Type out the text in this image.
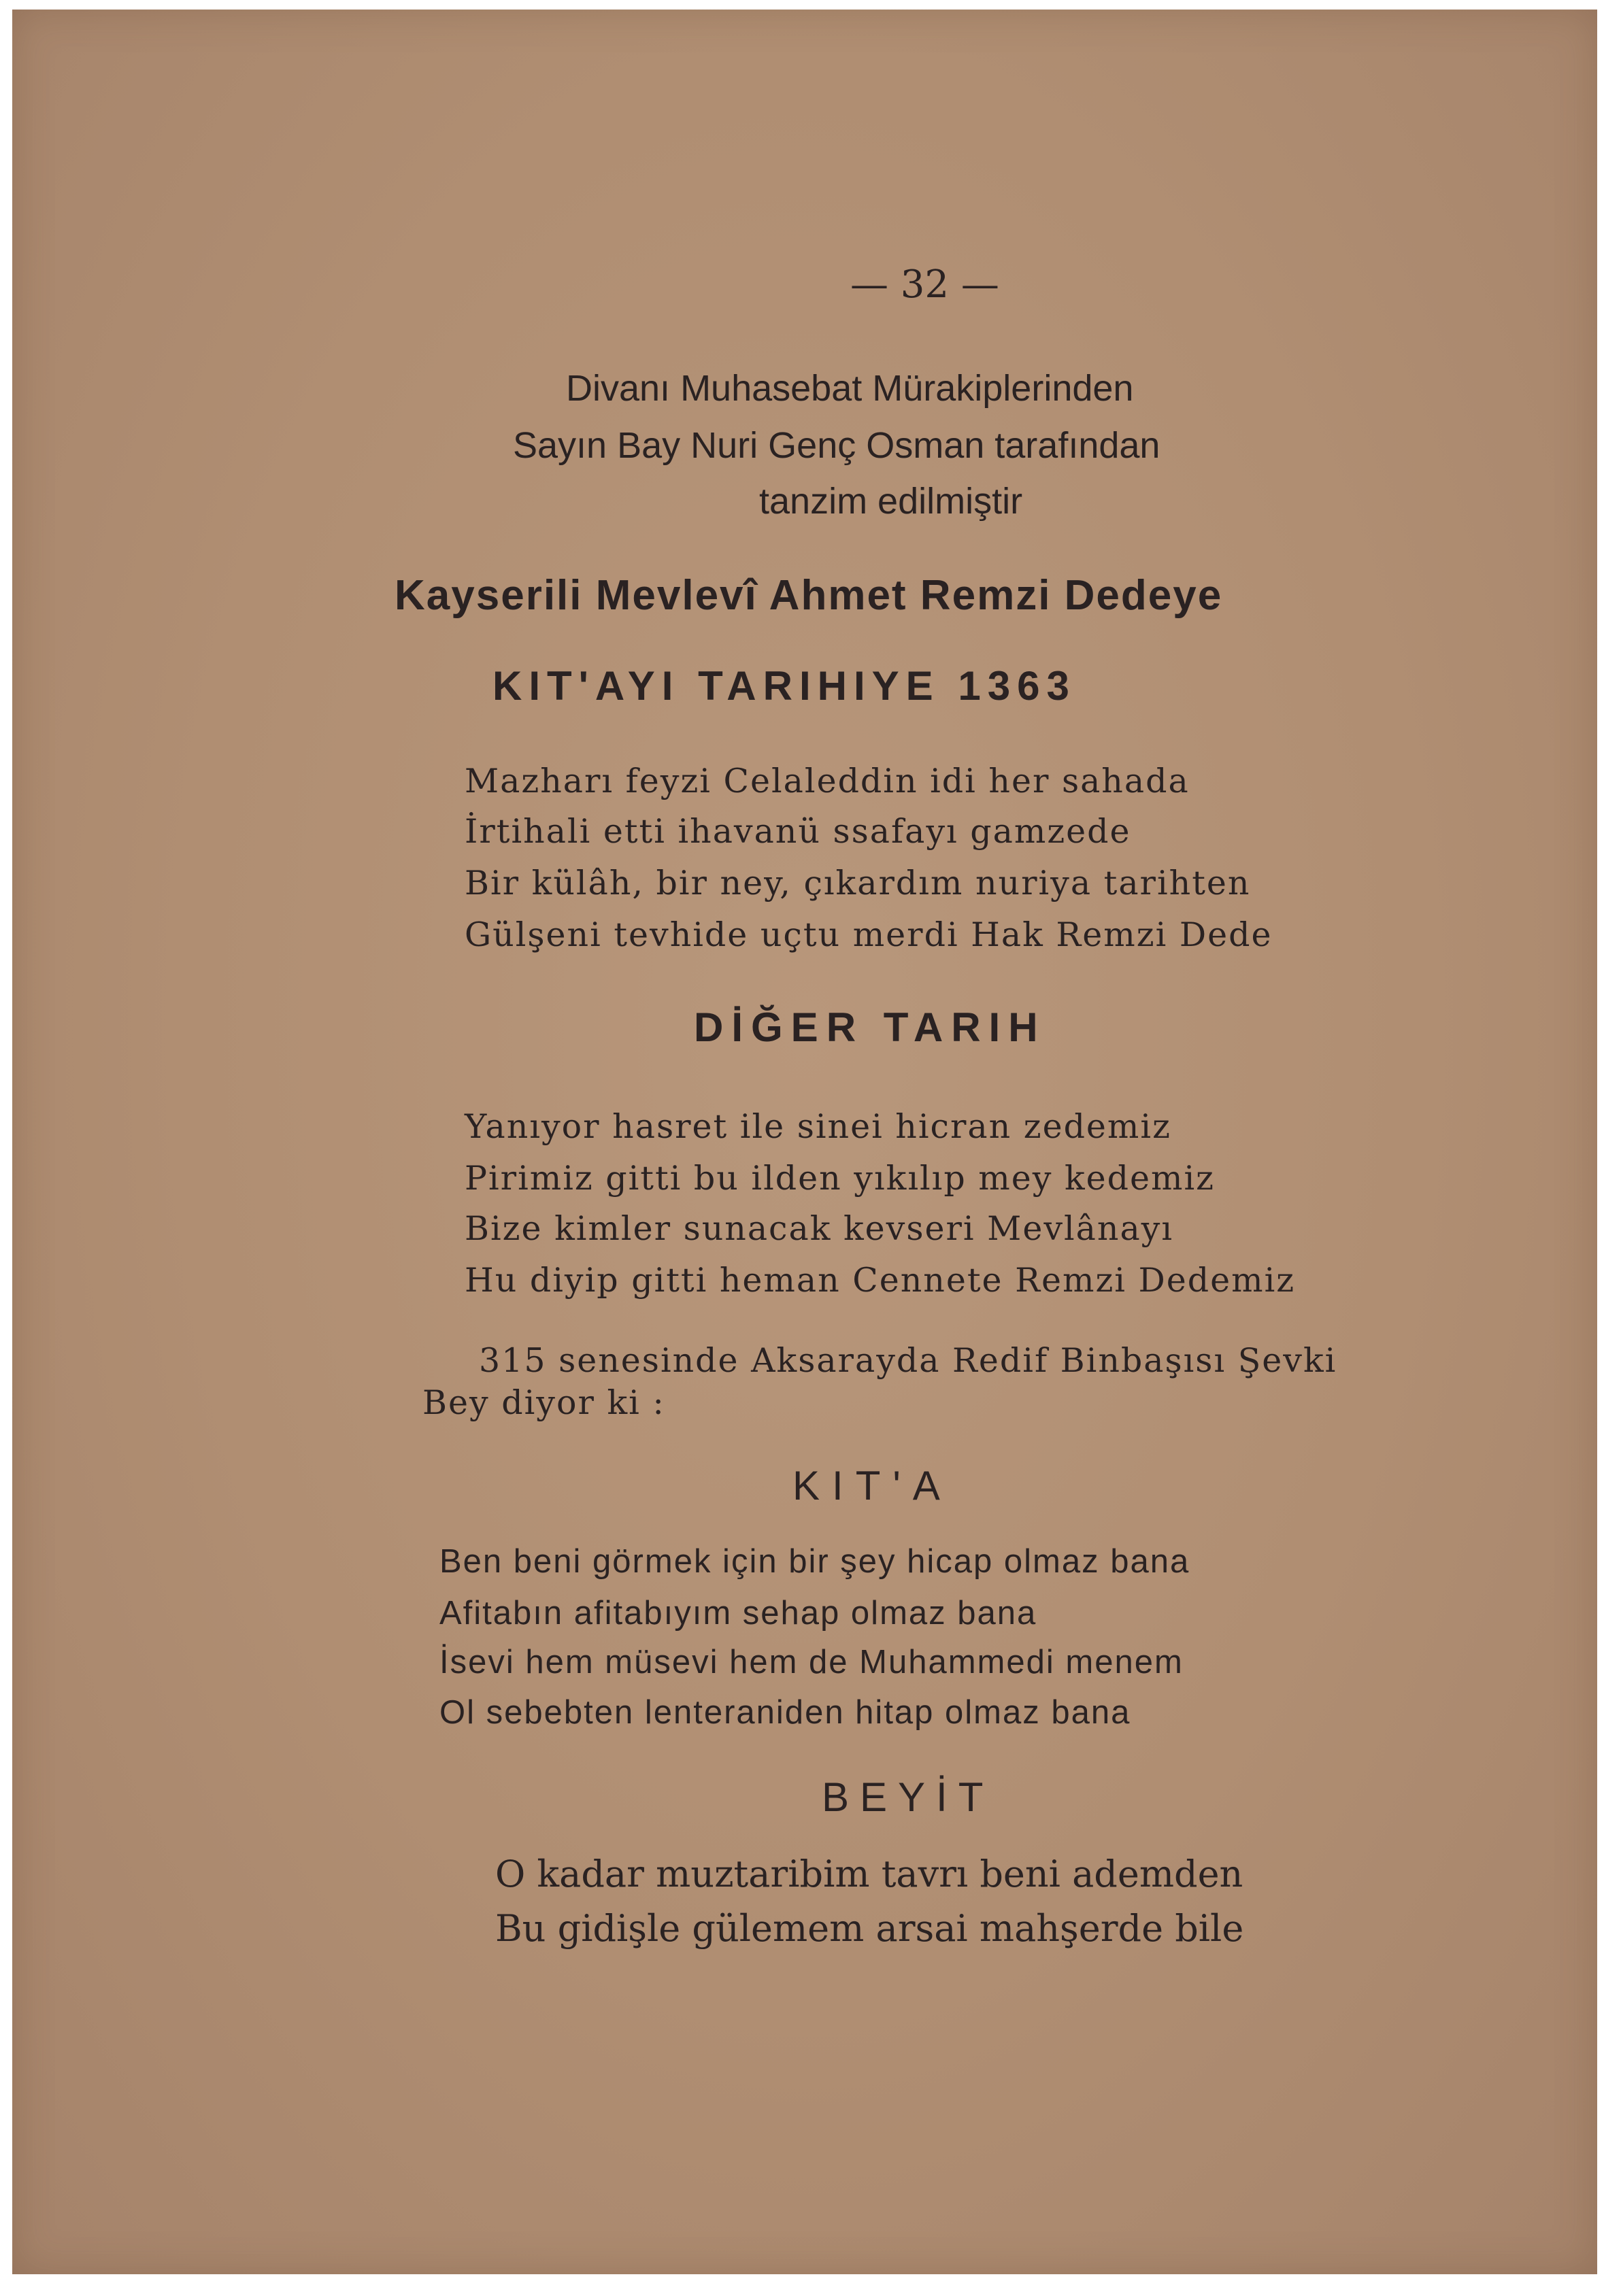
— 32 —
Divanı Muhasebat Mürakiplerinden
Sayın Bay Nuri Genç Osman tarafından
tanzim edilmiştir
Kayserili Mevlevî Ahmet Remzi Dedeye
KIT'AYI TARIHIYE 1363
Mazharı feyzi Celaleddin idi her sahada
İrtihali etti ihavanü ssafayı gamzede
Bir külâh, bir ney, çıkardım nuriya tarihten
Gülşeni tevhide uçtu merdi Hak Remzi Dede
DİĞER TARIH
Yanıyor hasret ile sinei hicran zedemiz
Pirimiz gitti bu ilden yıkılıp mey kedemiz
Bize kimler sunacak kevseri Mevlânayı
Hu diyip gitti heman Cennete Remzi Dedemiz
315 senesinde Aksarayda Redif Binbaşısı Şevki
Bey diyor ki :
KIT'A
Ben beni görmek için bir şey hicap olmaz bana
Afitabın afitabıyım sehap olmaz bana
İsevi hem müsevi hem de Muhammedi menem
Ol sebebten lenteraniden hitap olmaz bana
BEYİT
O kadar muztaribim tavrı beni ademden
Bu gidişle gülemem arsai mahşerde bile
